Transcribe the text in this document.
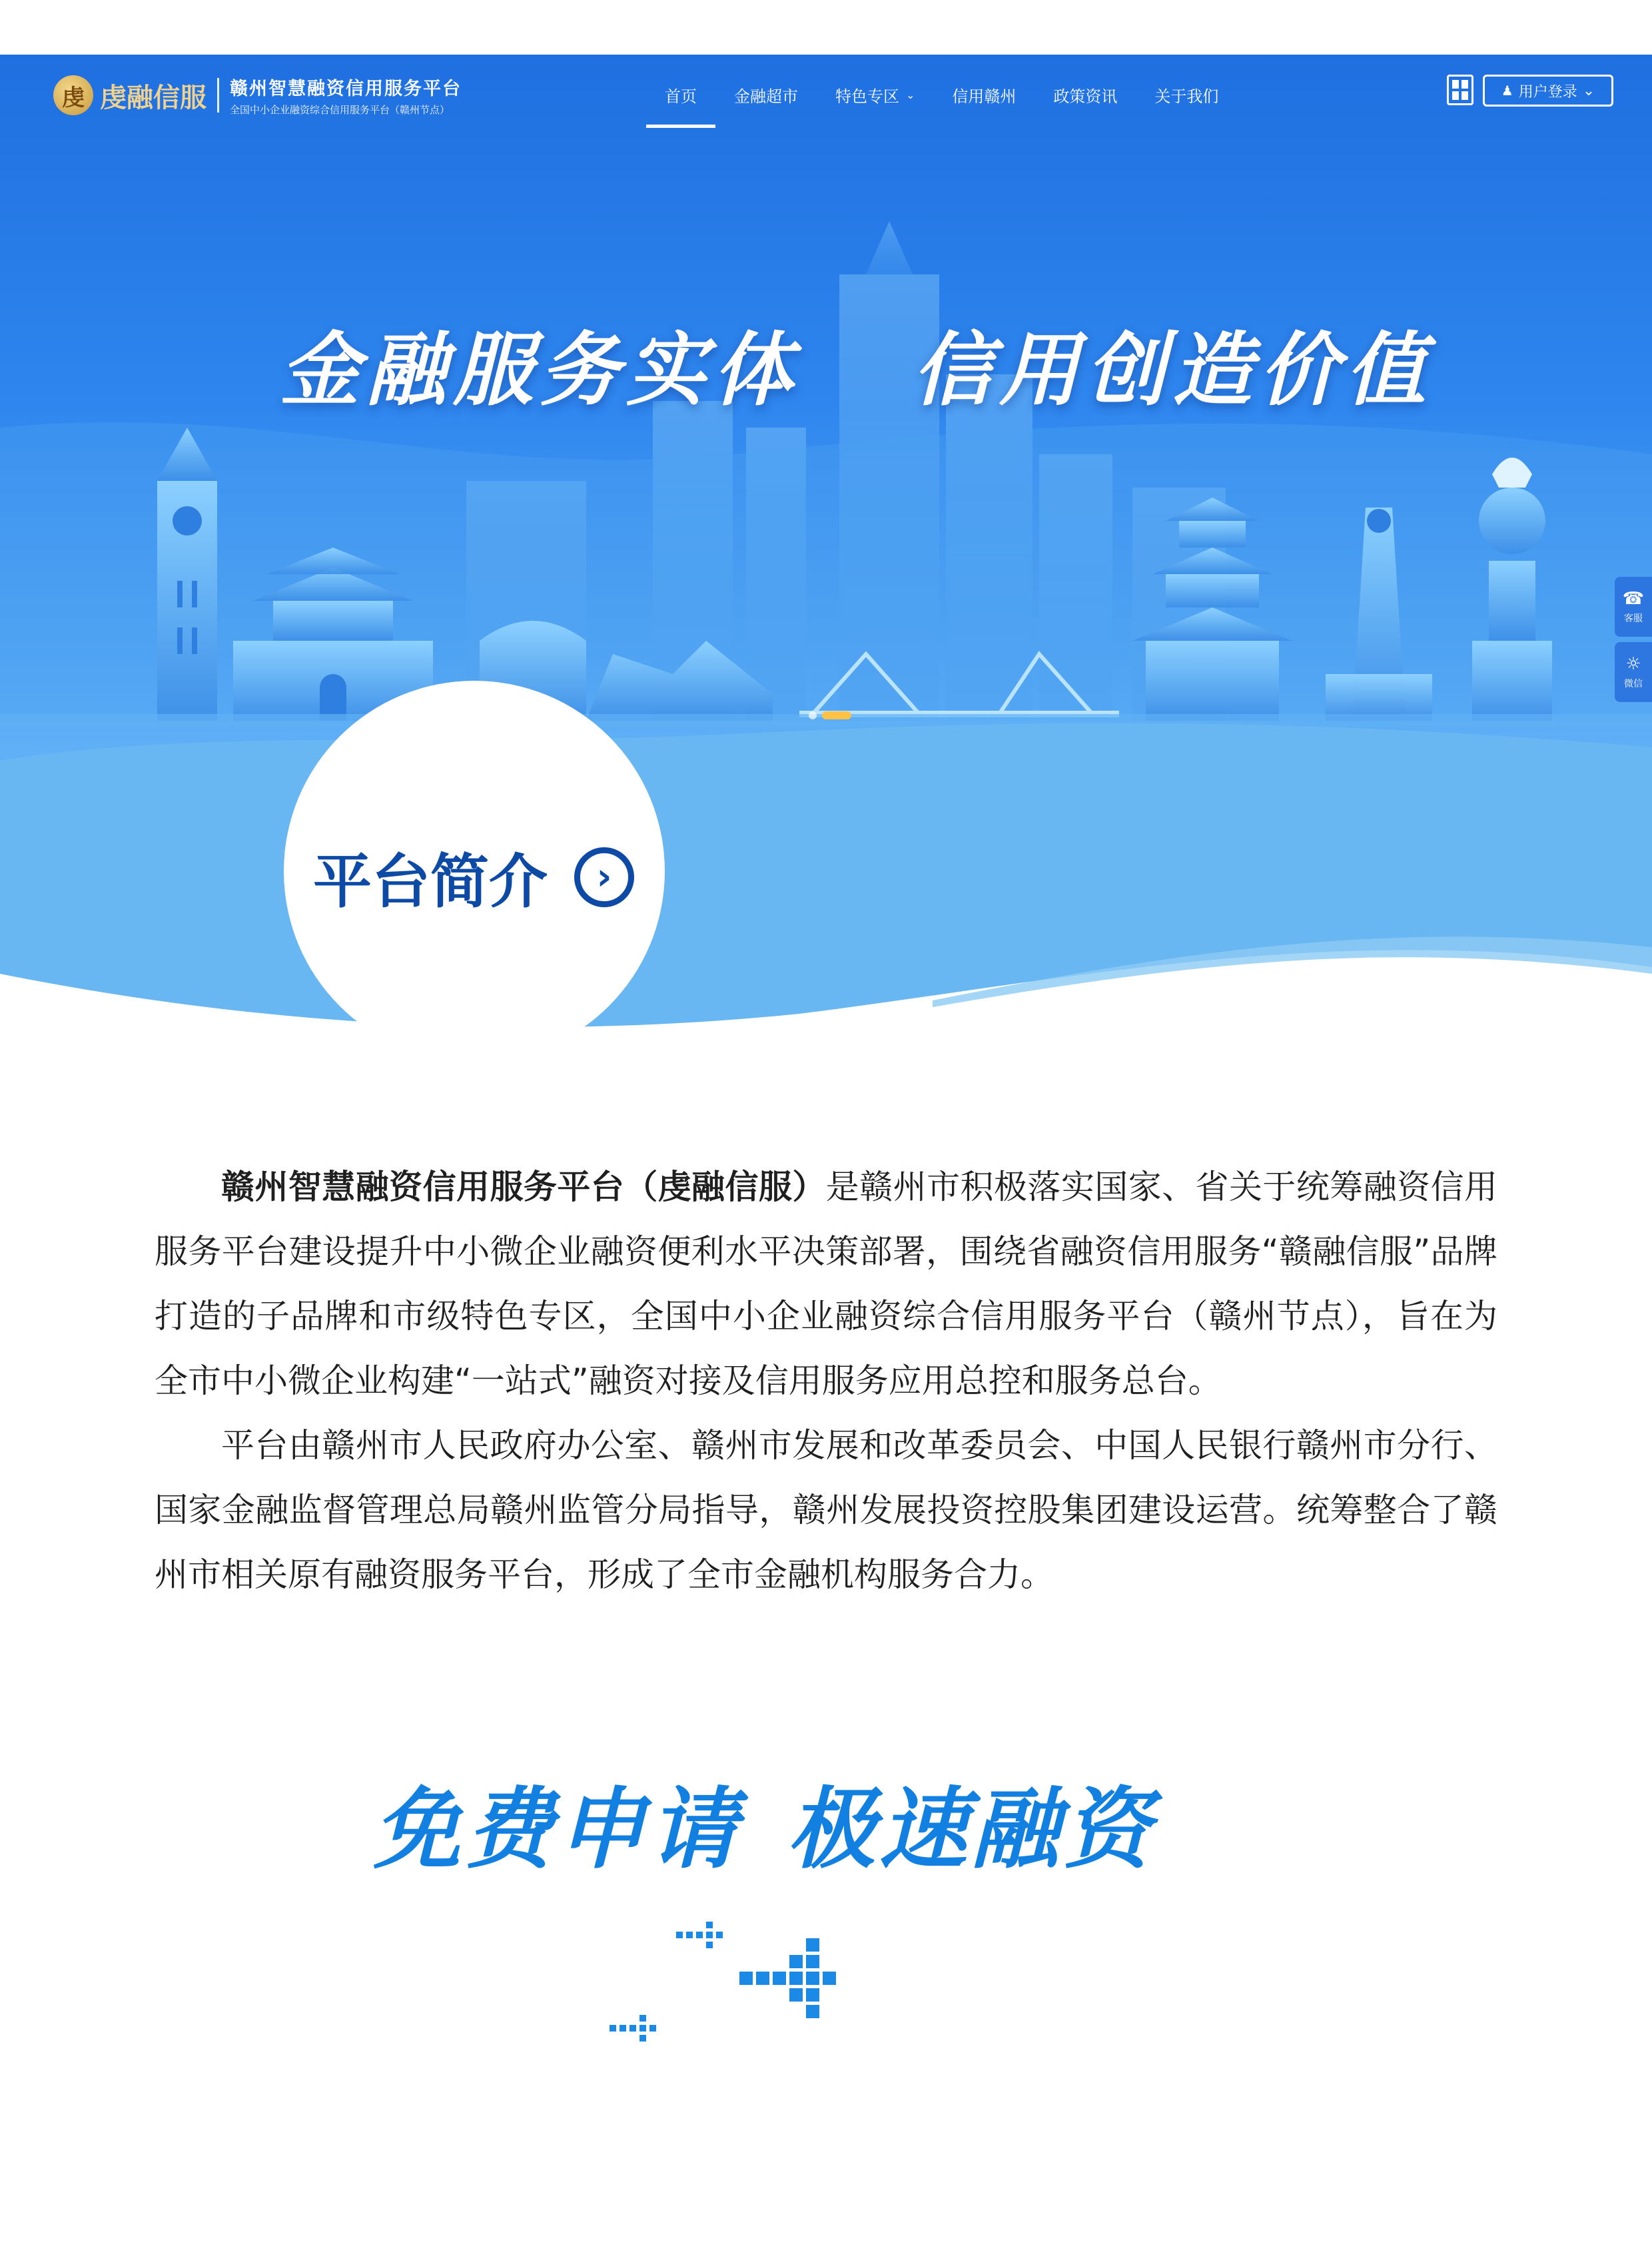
虔 虔融信服 赣州智慧融资信用服务平台
全国中小企业融资综合信用服务平台（赣州节点）
首页 金融超市 特色专区 ⌄ 信用赣州 政策资讯 关于我们	♟ 用户登录 ⌄
金融服务实体 信用创造价值
☎
客服
☼
微信
平台简介	›

赣州智慧融资信用服务平台（虔融信服）是赣州市积极落实国家、省关于统筹融资信用服务平台建设提升中小微企业融资便利水平决策部署，围绕省融资信用服务“赣融信服”品牌打造的子品牌和市级特色专区，全国中小企业融资综合信用服务平台（赣州节点），旨在为全市中小微企业构建“一站式”融资对接及信用服务应用总控和服务总台。

平台由赣州市人民政府办公室、赣州市发展和改革委员会、中国人民银行赣州市分行、国家金融监督管理总局赣州监管分局指导，赣州发展投资控股集团建设运营。统筹整合了赣州市相关原有融资服务平台，形成了全市金融机构服务合力。

免费申请 极速融资
